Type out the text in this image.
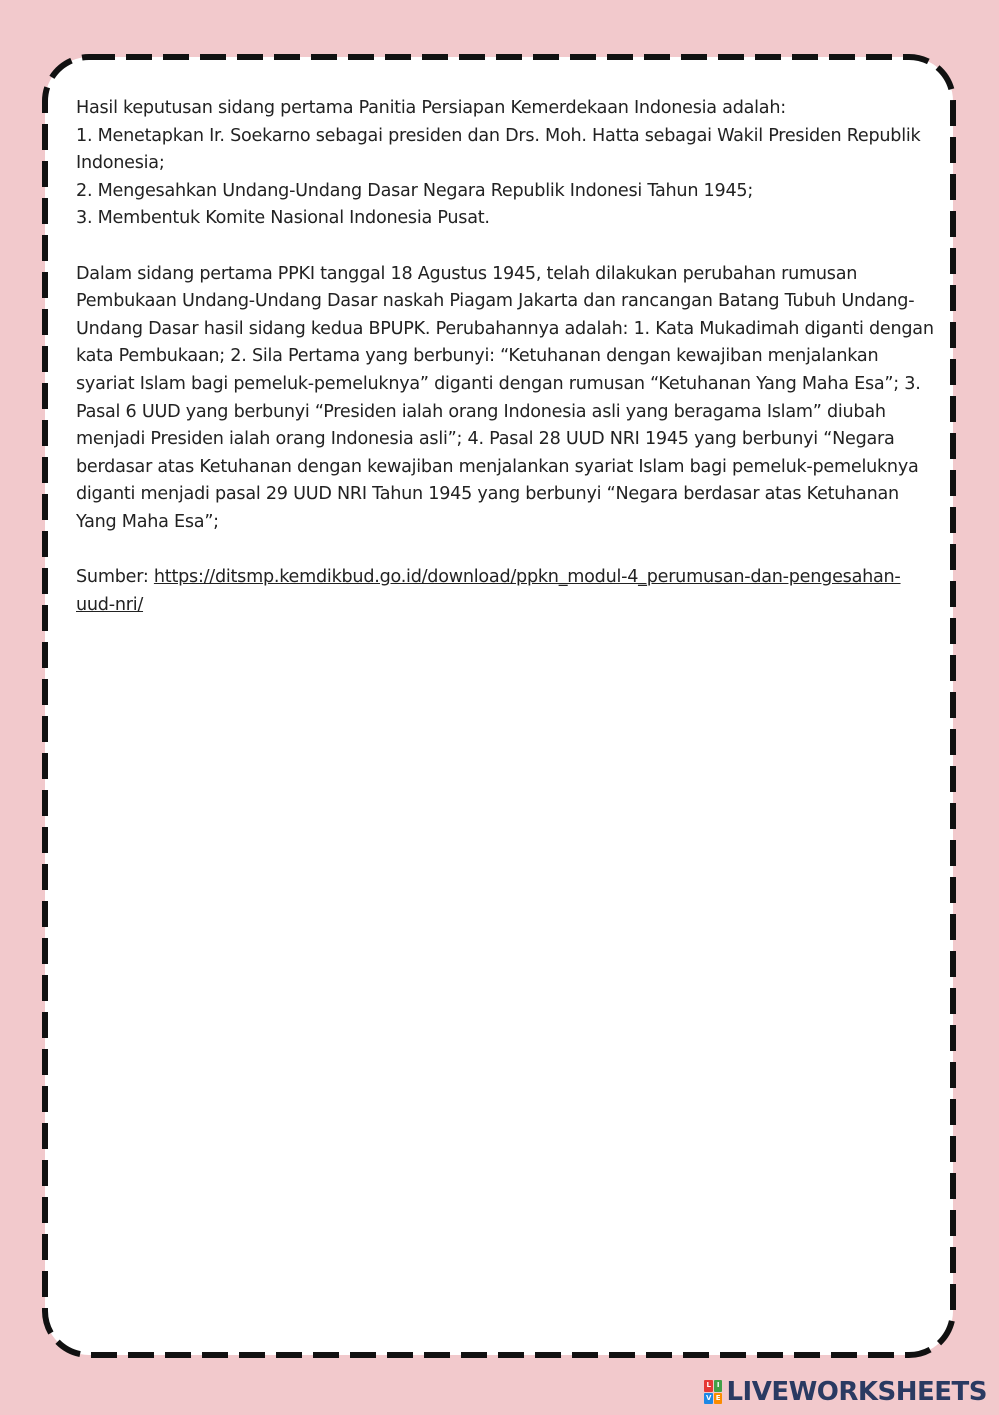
Hasil keputusan sidang pertama Panitia Persiapan Kemerdekaan Indonesia adalah:

1. Menetapkan Ir. Soekarno sebagai presiden dan Drs. Moh. Hatta sebagai Wakil Presiden Republik Indonesia;

2. Mengesahkan Undang-Undang Dasar Negara Republik Indonesi Tahun 1945;

3. Membentuk Komite Nasional Indonesia Pusat.

Dalam sidang pertama PPKI tanggal 18 Agustus 1945, telah dilakukan perubahan rumusan Pembukaan Undang-Undang Dasar naskah Piagam Jakarta dan rancangan Batang Tubuh Undang-Undang Dasar hasil sidang kedua BPUPK. Perubahannya adalah: 1. Kata Mukadimah diganti dengan kata Pembukaan; 2. Sila Pertama yang berbunyi: “Ketuhanan dengan kewajiban menjalankan syariat Islam bagi pemeluk-pemeluknya” diganti dengan rumusan “Ketuhanan Yang Maha Esa”; 3. Pasal 6 UUD yang berbunyi “Presiden ialah orang Indonesia asli yang beragama Islam” diubah menjadi Presiden ialah orang Indonesia asli”; 4. Pasal 28 UUD NRI 1945 yang berbunyi “Negara berdasar atas Ketuhanan dengan kewajiban menjalankan syariat Islam bagi pemeluk-pemeluknya diganti menjadi pasal 29 UUD NRI Tahun 1945 yang berbunyi “Negara berdasar atas Ketuhanan Yang Maha Esa”;

Sumber: https://ditsmp.kemdikbud.go.id/download/ppkn_modul-4_perumusan-dan-pengesahan-uud-nri/

L I
V E LIVEWORKSHEETS
